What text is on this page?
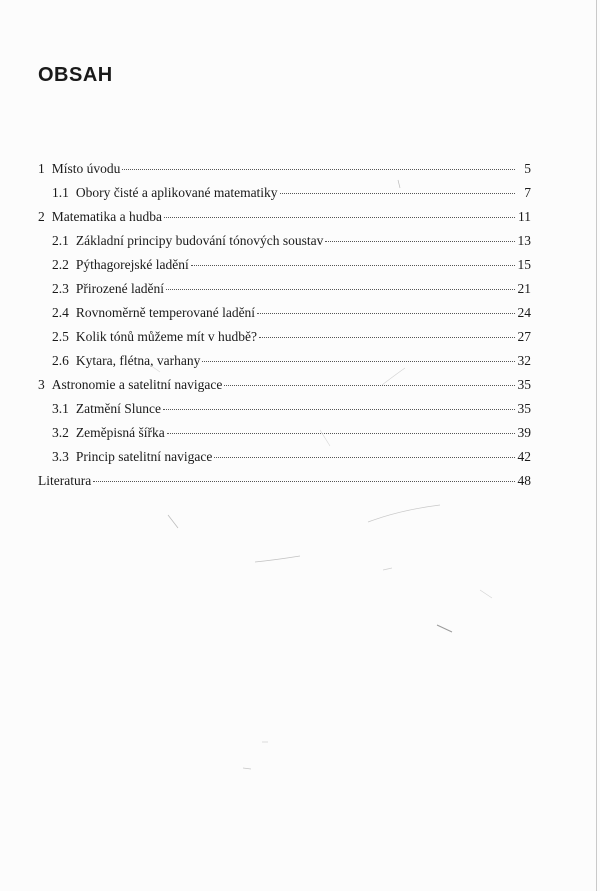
OBSAH
1 Místo úvodu	5
1.1 Obory čisté a aplikované matematiky	7
2 Matematika a hudba	11
2.1 Základní principy budování tónových soustav	13
2.2 Pýthagorejské ladění	15
2.3 Přirozené ladění	21
2.4 Rovnoměrně temperované ladění	24
2.5 Kolik tónů můžeme mít v hudbě?	27
2.6 Kytara, flétna, varhany	32
3 Astronomie a satelitní navigace	35
3.1 Zatmění Slunce	35
3.2 Zeměpisná šířka	39
3.3 Princip satelitní navigace	42
Literatura	48
